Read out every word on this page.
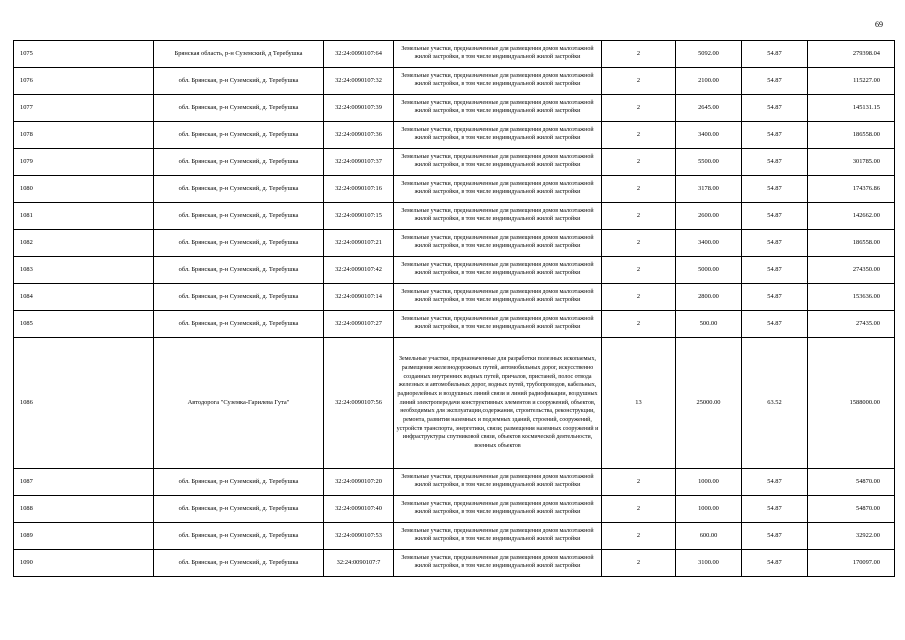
69
1075	Брянская область, р-н Суземский, д Теребушка	32:24:0090107:64	Земельные участки, предназначенные для размещения домов малоэтажной жилой застройки, в том числе индивидуальной жилой застройки	2	5092.00	54.87	279398.04
1076	обл. Брянская, р-н Суземский, д. Теребушка	32:24:0090107:32	Земельные участки, предназначенные для размещения домов малоэтажной жилой застройки, в том числе индивидуальной жилой застройки	2	2100.00	54.87	115227.00
1077	обл. Брянская, р-н Суземский, д. Теребушка	32:24:0090107:39	Земельные участки, предназначенные для размещения домов малоэтажной жилой застройки, в том числе индивидуальной жилой застройки	2	2645.00	54.87	145131.15
1078	обл. Брянская, р-н Суземский, д. Теребушка	32:24:0090107:36	Земельные участки, предназначенные для размещения домов малоэтажной жилой застройки, в том числе индивидуальной жилой застройки	2	3400.00	54.87	186558.00
1079	обл. Брянская, р-н Суземский, д. Теребушка	32:24:0090107:37	Земельные участки, предназначенные для размещения домов малоэтажной жилой застройки, в том числе индивидуальной жилой застройки	2	5500.00	54.87	301785.00
1080	обл. Брянская, р-н Суземский, д. Теребушка	32:24:0090107:16	Земельные участки, предназначенные для размещения домов малоэтажной жилой застройки, в том числе индивидуальной жилой застройки	2	3178.00	54.87	174376.86
1081	обл. Брянская, р-н Суземский, д. Теребушка	32:24:0090107:15	Земельные участки, предназначенные для размещения домов малоэтажной жилой застройки, в том числе индивидуальной жилой застройки	2	2600.00	54.87	142662.00
1082	обл. Брянская, р-н Суземский, д. Теребушка	32:24:0090107:21	Земельные участки, предназначенные для размещения домов малоэтажной жилой застройки, в том числе индивидуальной жилой застройки	2	3400.00	54.87	186558.00
1083	обл. Брянская, р-н Суземский, д. Теребушка	32:24:0090107:42	Земельные участки, предназначенные для размещения домов малоэтажной жилой застройки, в том числе индивидуальной жилой застройки	2	5000.00	54.87	274350.00
1084	обл. Брянская, р-н Суземский, д. Теребушка	32:24:0090107:14	Земельные участки, предназначенные для размещения домов малоэтажной жилой застройки, в том числе индивидуальной жилой застройки	2	2800.00	54.87	153636.00
1085	обл. Брянская, р-н Суземский, д. Теребушка	32:24:0090107:27	Земельные участки, предназначенные для размещения домов малоэтажной жилой застройки, в том числе индивидуальной жилой застройки	2	500.00	54.87	27435.00
1086	Автодорога "Суземка-Гарилева Гута"	32:24:0090107:56	Земельные участки, предназначенные для разработки полезных ископаемых, размещения железнодорожных путей, автомобильных дорог, искусственно созданных внутренних водных путей, причалов, пристаней, полос отвода железных и автомобильных дорог, водных путей, трубопроводов, кабельных, радиорелейных и воздушных линий связи и линий радиофикации, воздушных линий электропередачи конструктивных элементов и сооружений, объектов, необходимых для эксплуатации,содержания, строительства, реконструкции, ремонта, развития наземных и подземных зданий, строений, сооружений, устройств транспорта, энергетики, связи; размещения наземных сооружений и инфраструктуры спутниковой связи, объектов космической деятельности, военных объектов	13	25000.00	63.52	1588000.00
1087	обл. Брянская, р-н Суземский, д. Теребушка	32:24:0090107:20	Земельные участки, предназначенные для размещения домов малоэтажной жилой застройки, в том числе индивидуальной жилой застройки	2	1000.00	54.87	54870.00
1088	обл. Брянская, р-н Суземский, д. Теребушка	32:24:0090107:40	Земельные участки, предназначенные для размещения домов малоэтажной жилой застройки, в том числе индивидуальной жилой застройки	2	1000.00	54.87	54870.00
1089	обл. Брянская, р-н Суземский, д. Теребушка	32:24:0090107:53	Земельные участки, предназначенные для размещения домов малоэтажной жилой застройки, в том числе индивидуальной жилой застройки	2	600.00	54.87	32922.00
1090	обл. Брянская, р-н Суземский, д. Теребушка	32:24:0090107:7	Земельные участки, предназначенные для размещения домов малоэтажной жилой застройки, в том числе индивидуальной жилой застройки	2	3100.00	54.87	170097.00
